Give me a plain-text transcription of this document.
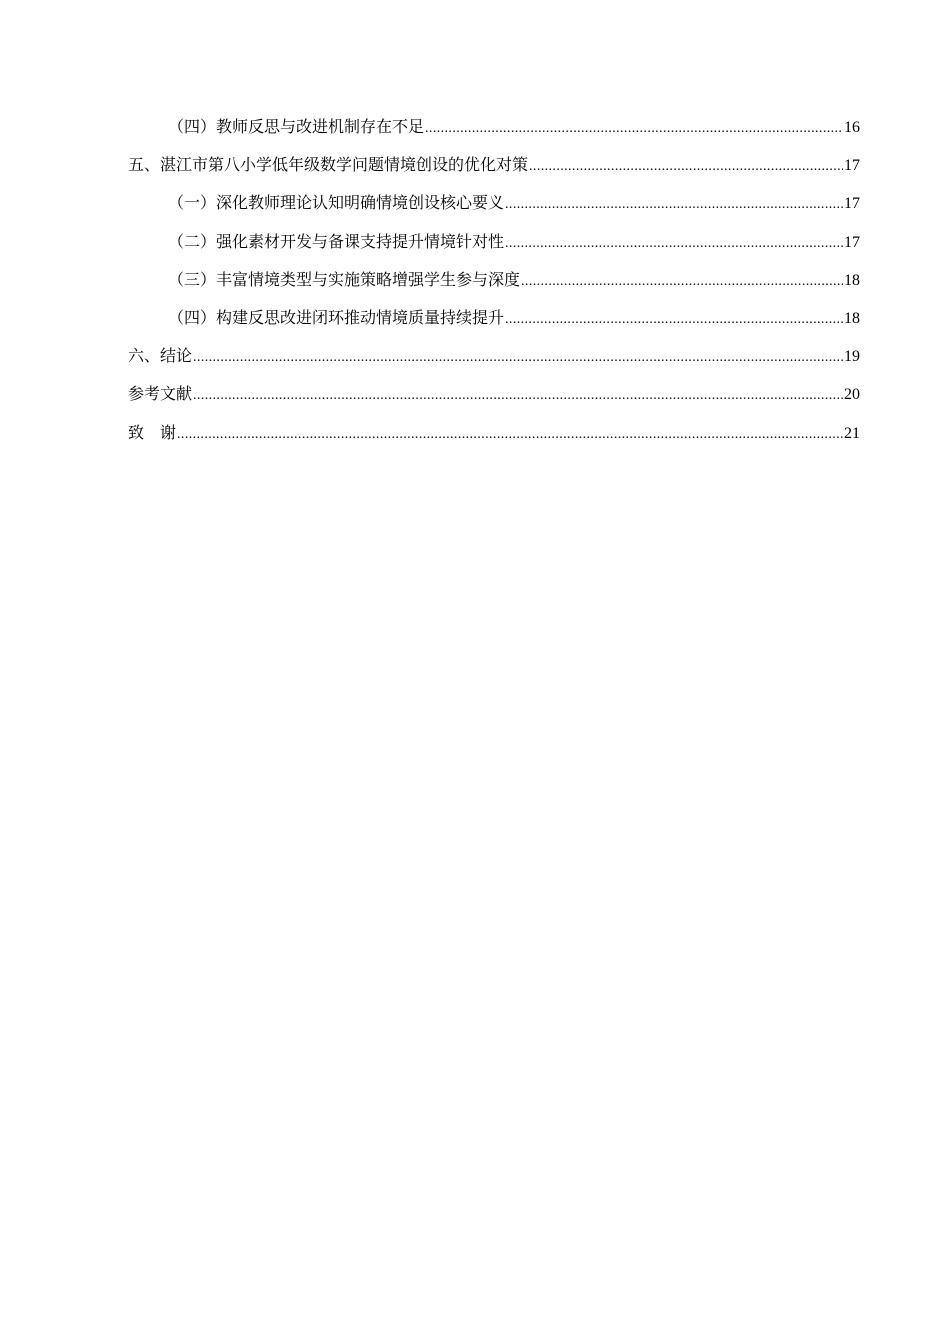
（四）教师反思与改进机制存在不足 .....	16
五、湛江市第八小学低年级数学问题情境创设的优化对策 .....	17
（一）深化教师理论认知明确情境创设核心要义 .....	17
（二）强化素材开发与备课支持提升情境针对性 .....	17
（三）丰富情境类型与实施策略增强学生参与深度 .....	18
（四）构建反思改进闭环推动情境质量持续提升 .....	18
六、结论 .....	19
参考文献 .....	20
致　谢 .....	21
